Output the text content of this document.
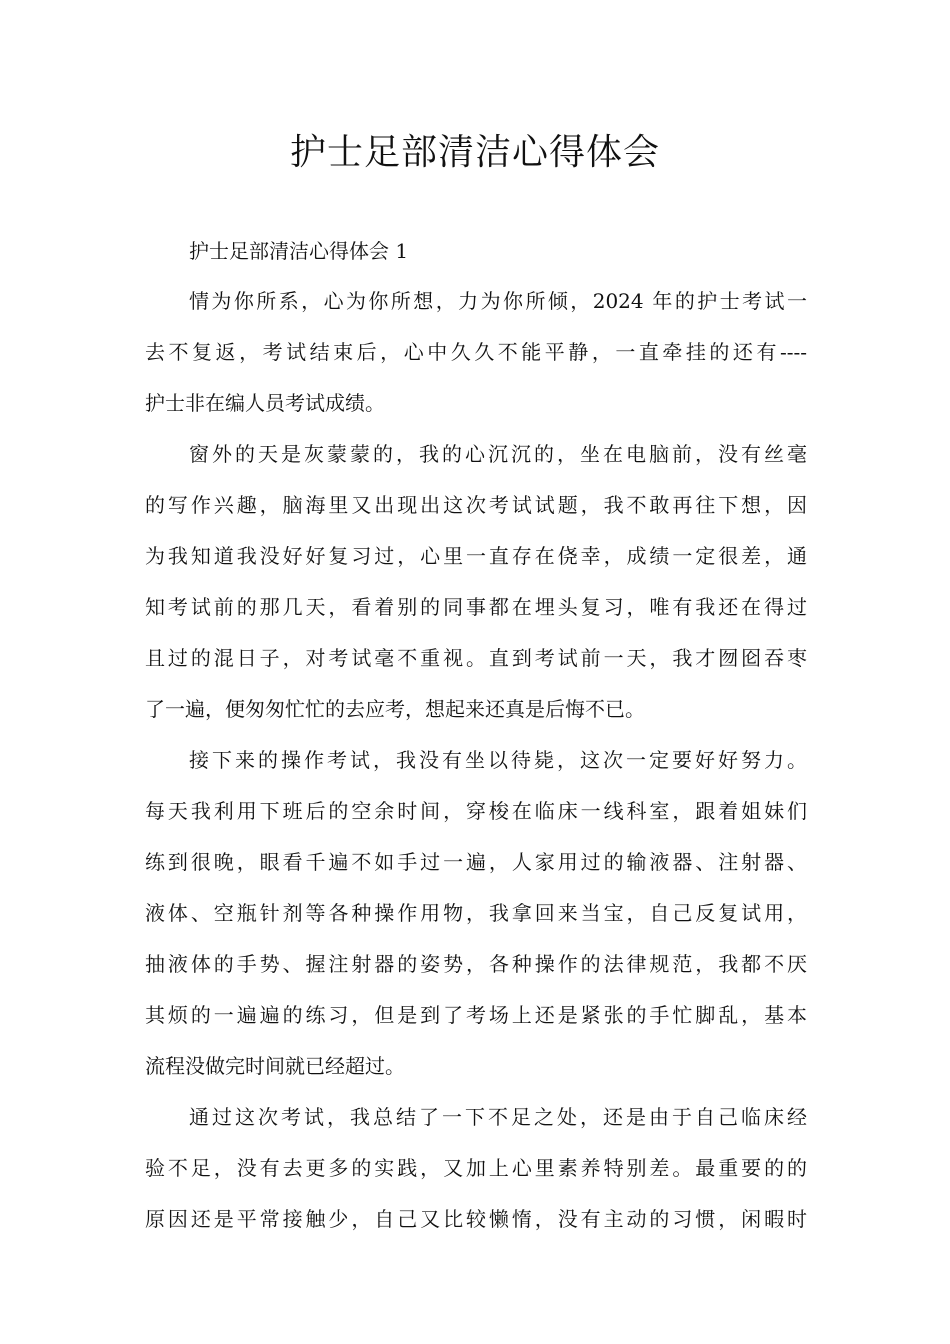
护士足部清洁心得体会

护士足部清洁心得体会 1

情为你所系，心为你所想，力为你所倾，2024 年的护士考试一
去不复返，考试结束后，心中久久不能平静，一直牵挂的还有----
护士非在编人员考试成绩。
窗外的天是灰蒙蒙的，我的心沉沉的，坐在电脑前，没有丝毫
的写作兴趣，脑海里又出现出这次考试试题，我不敢再往下想，因
为我知道我没好好复习过，心里一直存在侥幸，成绩一定很差，通
知考试前的那几天，看着别的同事都在埋头复习，唯有我还在得过
且过的混日子，对考试毫不重视。直到考试前一天，我才囫囵吞枣
了一遍，便匆匆忙忙的去应考，想起来还真是后悔不已。
接下来的操作考试，我没有坐以待毙，这次一定要好好努力。
每天我利用下班后的空余时间，穿梭在临床一线科室，跟着姐妹们
练到很晚，眼看千遍不如手过一遍，人家用过的输液器、注射器、
液体、空瓶针剂等各种操作用物，我拿回来当宝，自己反复试用，
抽液体的手势、握注射器的姿势，各种操作的法律规范，我都不厌
其烦的一遍遍的练习，但是到了考场上还是紧张的手忙脚乱，基本
流程没做完时间就已经超过。
通过这次考试，我总结了一下不足之处，还是由于自己临床经
验不足，没有去更多的实践，又加上心里素养特别差。最重要的的
原因还是平常接触少，自己又比较懒惰，没有主动的习惯，闲暇时
